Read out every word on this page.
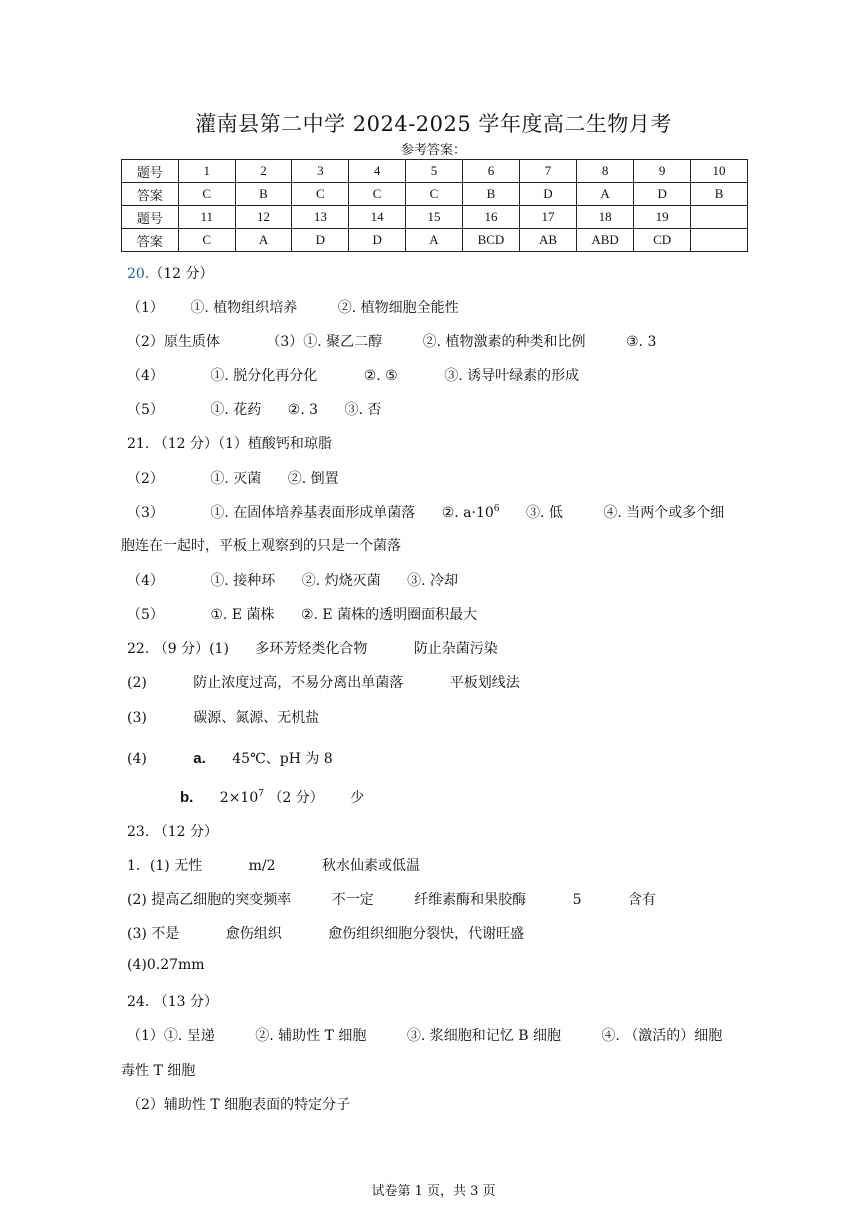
灌南县第二中学 2024-2025 学年度高二生物月考
参考答案：
题号	1	2	3	4	5	6	7	8	9	10
答案	C	B	C	C	C	B	D	A	D	B
题号	11	12	13	14	15	16	17	18	19	
答案	C	A	D	D	A	BCD	AB	ABD	CD	
20.（12 分）
（1） ①. 植物组织培养	②. 植物细胞全能性
（2）原生质体	（3）①. 聚乙二醇	②. 植物激素的种类和比例	③. 3
（4）	①. 脱分化再分化	②. ⑤	③. 诱导叶绿素的形成
（5）	①. 花药 ②. 3 ③. 否
21. （12 分）（1）植酸钙和琼脂
（2）	①. 灭菌 ②. 倒置
（3）	①. 在固体培养基表面形成单菌落 ②. $a\cdot 10^6$ ③. 低	④. 当两个或多个细
胞连在一起时，平板上观察到的只是一个菌落
（4）	①. 接种环 ②. 灼烧灭菌 ③. 冷却
（5）	①. E 菌株 ②. E 菌株的透明圈面积最大
22. （9 分）(1) 多环芳烃类化合物	防止杂菌污染
(2)	防止浓度过高，不易分离出单菌落	平板划线法
(3)	碳源、氮源、无机盐
(4)	a. 45℃、pH 为 8
b. $2\times 10^7$ （2 分） 少
23. （12 分）
1．(1) 无性	m/2	秋水仙素或低温
(2) 提高乙细胞的突变频率	不一定	纤维素酶和果胶酶	5	含有
(3) 不是	愈伤组织	愈伤组织细胞分裂快，代谢旺盛
(4)0.27mm
24. （13 分）
（1）①. 呈递	②. 辅助性 T 细胞	③. 浆细胞和记忆 B 细胞	④. （激活的）细胞
毒性 T 细胞
（2）辅助性 T 细胞表面的特定分子
试卷第 1 页，共 3 页
